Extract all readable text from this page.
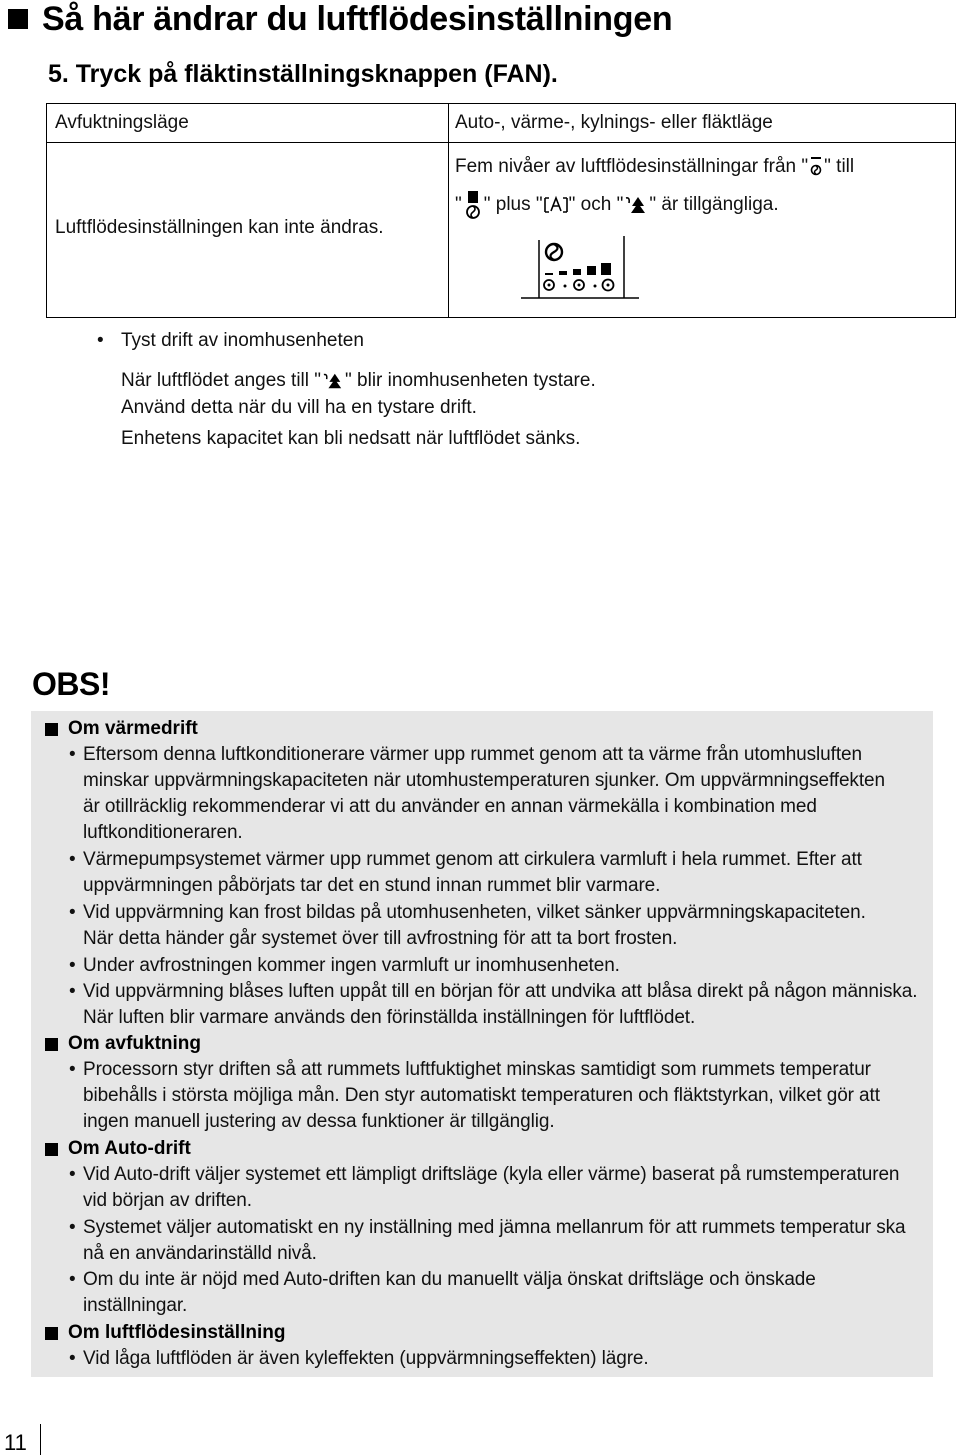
Så här ändrar du luftflödesinställningen
5. Tryck på fläktinställningsknappen (FAN).
Avfuktningsläge	Auto-, värme-, kylnings- eller fläktläge
Luftflödesinställningen kan inte ändras.
Fem nivåer av luftflödesinställningar från " " till
" " plus " " och " " är tillgängliga.
• Tyst drift av inomhusenheten
När luftflödet anges till " " blir inomhusenheten tystare.
Använd detta när du vill ha en tystare drift.
Enhetens kapacitet kan bli nedsatt när luftflödet sänks.
OBS!
Om värmedrift
• Eftersom denna luftkonditionerare värmer upp rummet genom att ta värme från utomhusluften
minskar uppvärmningskapaciteten när utomhustemperaturen sjunker. Om uppvärmningseffekten
är otillräcklig rekommenderar vi att du använder en annan värmekälla i kombination med
luftkonditioneraren.
• Värmepumpsystemet värmer upp rummet genom att cirkulera varmluft i hela rummet. Efter att
uppvärmningen påbörjats tar det en stund innan rummet blir varmare.
• Vid uppvärmning kan frost bildas på utomhusenheten, vilket sänker uppvärmningskapaciteten.
När detta händer går systemet över till avfrostning för att ta bort frosten.
• Under avfrostningen kommer ingen varmluft ur inomhusenheten.
• Vid uppvärmning blåses luften uppåt till en början för att undvika att blåsa direkt på någon människa.
När luften blir varmare används den förinställda inställningen för luftflödet.
Om avfuktning
• Processorn styr driften så att rummets luftfuktighet minskas samtidigt som rummets temperatur
bibehålls i största möjliga mån. Den styr automatiskt temperaturen och fläktstyrkan, vilket gör att
ingen manuell justering av dessa funktioner är tillgänglig.
Om Auto-drift
• Vid Auto-drift väljer systemet ett lämpligt driftsläge (kyla eller värme) baserat på rumstemperaturen
vid början av driften.
• Systemet väljer automatiskt en ny inställning med jämna mellanrum för att rummets temperatur ska
nå en användarinställd nivå.
• Om du inte är nöjd med Auto-driften kan du manuellt välja önskat driftsläge och önskade
inställningar.
Om luftflödesinställning
• Vid låga luftflöden är även kyleffekten (uppvärmningseffekten) lägre.
11
